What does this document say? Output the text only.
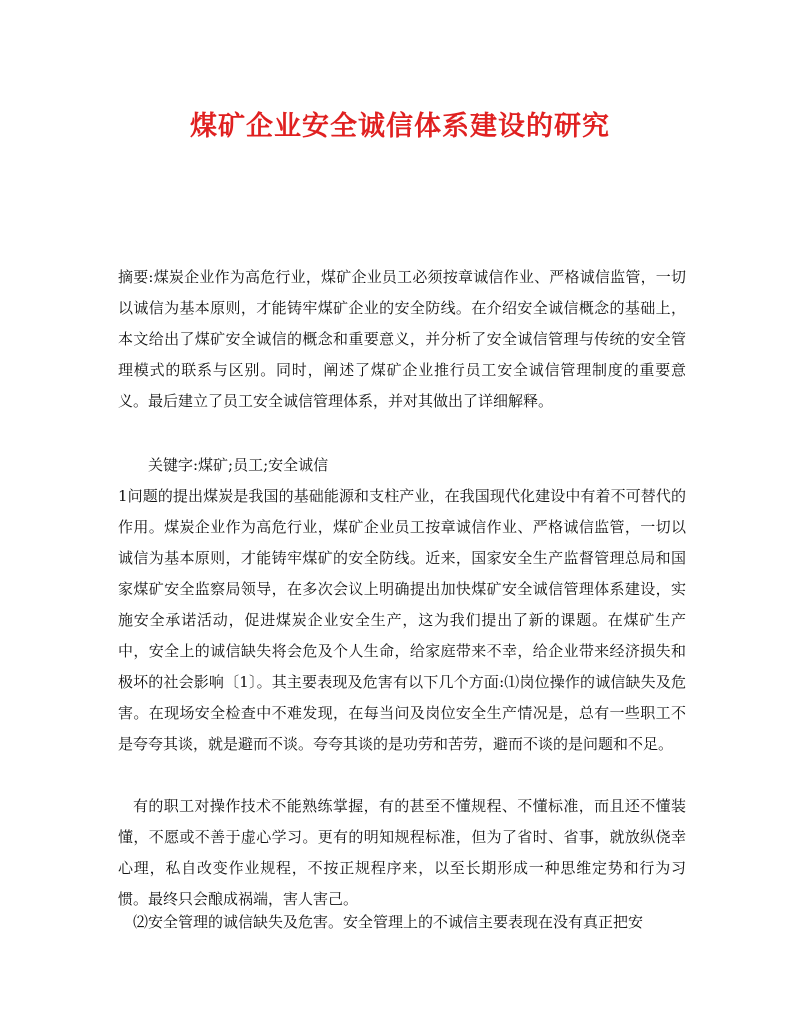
煤矿企业安全诚信体系建设的研究

摘要:煤炭企业作为高危行业，煤矿企业员工必须按章诚信作业、严格诚信监管，一切以诚信为基本原则，才能铸牢煤矿企业的安全防线。在介绍安全诚信概念的基础上，本文给出了煤矿安全诚信的概念和重要意义，并分析了安全诚信管理与传统的安全管理模式的联系与区别。同时，阐述了煤矿企业推行员工安全诚信管理制度的重要意义。最后建立了员工安全诚信管理体系，并对其做出了详细解释。

关键字:煤矿;员工;安全诚信

1问题的提出煤炭是我国的基础能源和支柱产业，在我国现代化建设中有着不可替代的作用。煤炭企业作为高危行业，煤矿企业员工按章诚信作业、严格诚信监管，一切以诚信为基本原则，才能铸牢煤矿的安全防线。近来，国家安全生产监督管理总局和国家煤矿安全监察局领导，在多次会议上明确提出加快煤矿安全诚信管理体系建设，实施安全承诺活动，促进煤炭企业安全生产，这为我们提出了新的课题。在煤矿生产中，安全上的诚信缺失将会危及个人生命，给家庭带来不幸，给企业带来经济损失和极坏的社会影响〔1〕。其主要表现及危害有以下几个方面:⑴岗位操作的诚信缺失及危害。在现场安全检查中不难发现，在每当问及岗位安全生产情况是，总有一些职工不是夸夸其谈，就是避而不谈。夸夸其谈的是功劳和苦劳，避而不谈的是问题和不足。

有的职工对操作技术不能熟练掌握，有的甚至不懂规程、不懂标准，而且还不懂装懂，不愿或不善于虚心学习。更有的明知规程标准，但为了省时、省事，就放纵侥幸心理，私自改变作业规程，不按正规程序来，以至长期形成一种思维定势和行为习惯。最终只会酿成祸端，害人害己。

⑵安全管理的诚信缺失及危害。安全管理上的不诚信主要表现在没有真正把安
